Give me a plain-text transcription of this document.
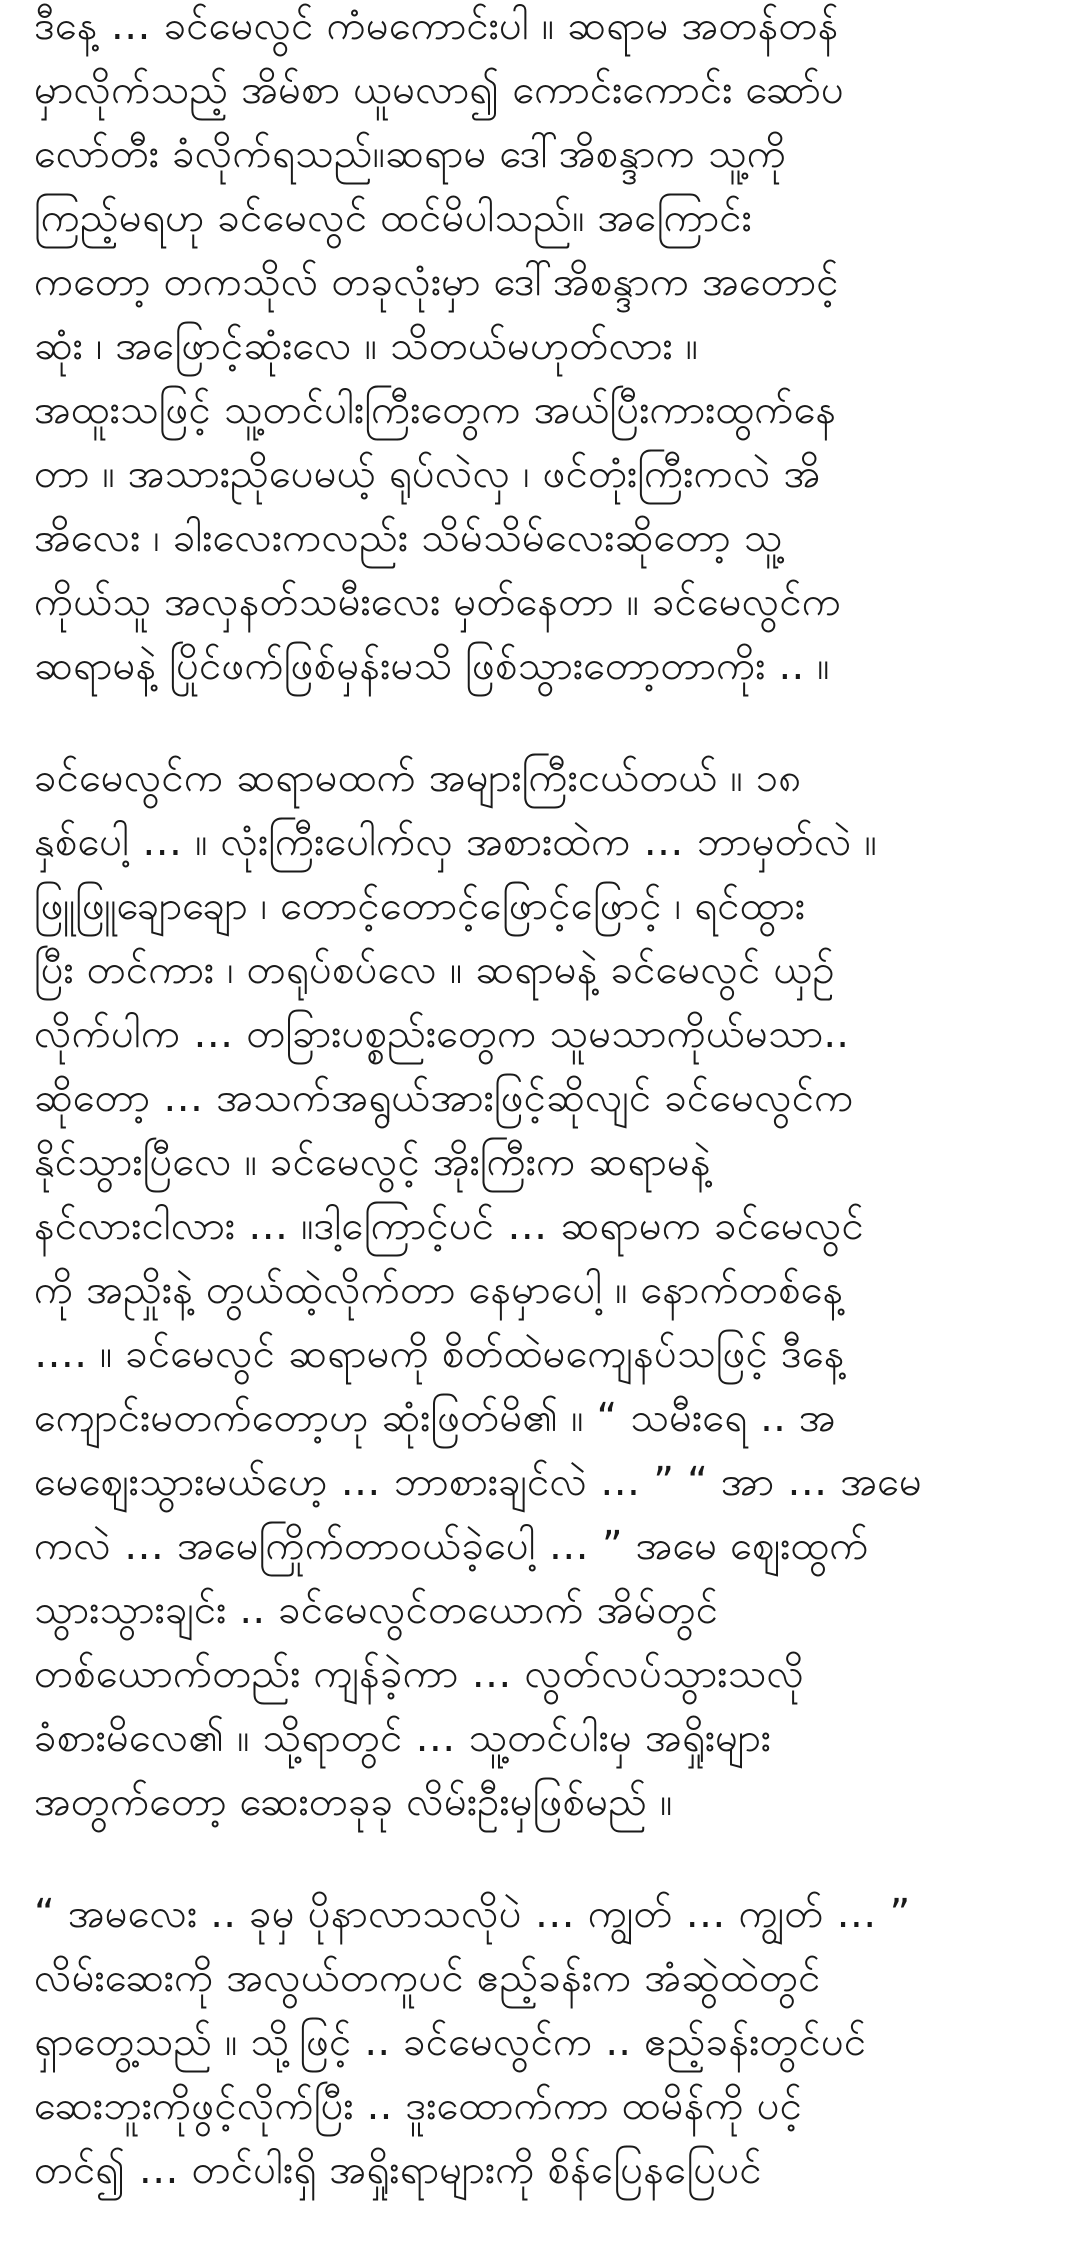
ဒီနေ့ … ခင်မေလွင် ကံမကောင်းပါ ။ ဆရာမ အတန်တန်
မှာလိုက်သည့် အိမ်စာ ယူမလာ၍ ကောင်းကောင်း ဆော်ပ
လော်တီး ခံလိုက်ရသည်။ဆရာမ ဒေါ်အိစန္ဒာက သူ့ကို
ကြည့်မရဟု ခင်မေလွင် ထင်မိပါသည်။ အကြောင်း
ကတော့ တကသိုလ် တခုလုံးမှာ ဒေါ်အိစန္ဒာက အတောင့်
ဆုံး ၊ အဖြောင့်ဆုံးလေ ။ သိတယ်မဟုတ်လား ။
အထူးသဖြင့် သူ့တင်ပါးကြီးတွေက အယ်ပြီးကားထွက်နေ
တာ ။ အသားညိုပေမယ့် ရုပ်လဲလှ ၊ ဖင်တုံးကြီးကလဲ အိ
အိလေး ၊ ခါးလေးကလည်း သိမ်သိမ်လေးဆိုတော့ သူ့
ကိုယ်သူ အလှနတ်သမီးလေး မှတ်နေတာ ။ ခင်မေလွင်က
ဆရာမနဲ့ ပြိုင်ဖက်ဖြစ်မှန်းမသိ ဖြစ်သွားတော့တာကိုး .. ။
ခင်မေလွင်က ဆရာမထက် အများကြီးငယ်တယ် ။ ၁၈
နှစ်ပေါ့ … ။ လုံးကြီးပေါက်လှ အစားထဲက … ဘာမှတ်လဲ ။
ဖြူဖြူချောချော ၊ တောင့်တောင့်ဖြောင့်ဖြောင့် ၊ ရင်ထွား
ပြီး တင်ကား ၊ တရုပ်စပ်လေ ။ ဆရာမနဲ့ ခင်မေလွင် ယှဉ်
လိုက်ပါက … တခြားပစ္စည်းတွေက သူမသာကိုယ်မသာ..
ဆိုတော့ … အသက်အရွယ်အားဖြင့်ဆိုလျင် ခင်မေလွင်က
နိုင်သွားပြီလေ ။ ခင်မေလွင့် အိုးကြီးက ဆရာမနဲ့
နင်လားငါလား … ။ဒါ့ကြောင့်ပင် … ဆရာမက ခင်မေလွင်
ကို အညှိုးနဲ့ တွယ်ထဲ့လိုက်တာ နေမှာပေါ့ ။ နောက်တစ်နေ့
…. ။ ခင်မေလွင် ဆရာမကို စိတ်ထဲမကျေနပ်သဖြင့် ဒီနေ့
ကျောင်းမတက်တော့ဟု ဆုံးဖြတ်မိ၏ ။ “ သမီးရေ .. အ
မေဈေးသွားမယ်ဟေ့ … ဘာစားချင်လဲ … ” “ အာ … အမေ
ကလဲ … အမေကြိုက်တာဝယ်ခဲ့ပေါ့ … ” အမေ ဈေးထွက်
သွားသွားချင်း .. ခင်မေလွင်တယောက် အိမ်တွင်
တစ်ယောက်တည်း ကျန်ခဲ့ကာ … လွတ်လပ်သွားသလို
ခံစားမိလေ၏ ။ သို့ရာတွင် … သူ့တင်ပါးမှ အရှိုးများ
အတွက်တော့ ဆေးတခုခု လိမ်းဦးမှဖြစ်မည် ။
“ အမလေး .. ခုမှ ပိုနာလာသလိုပဲ … ကျွတ် … ကျွတ် … ”
လိမ်းဆေးကို အလွယ်တကူပင် ဧည့်ခန်းက အံဆွဲထဲတွင်
ရှာတွေ့သည် ။ သို့ဖြင့် .. ခင်မေလွင်က .. ဧည့်ခန်းတွင်ပင်
ဆေးဘူးကိုဖွင့်လိုက်ပြီး .. ဒူးထောက်ကာ ထမိန်ကို ပင့်
တင်၍ … တင်ပါးရှိ အရှိုးရာများကို စိန်ပြေနပြေပင်
